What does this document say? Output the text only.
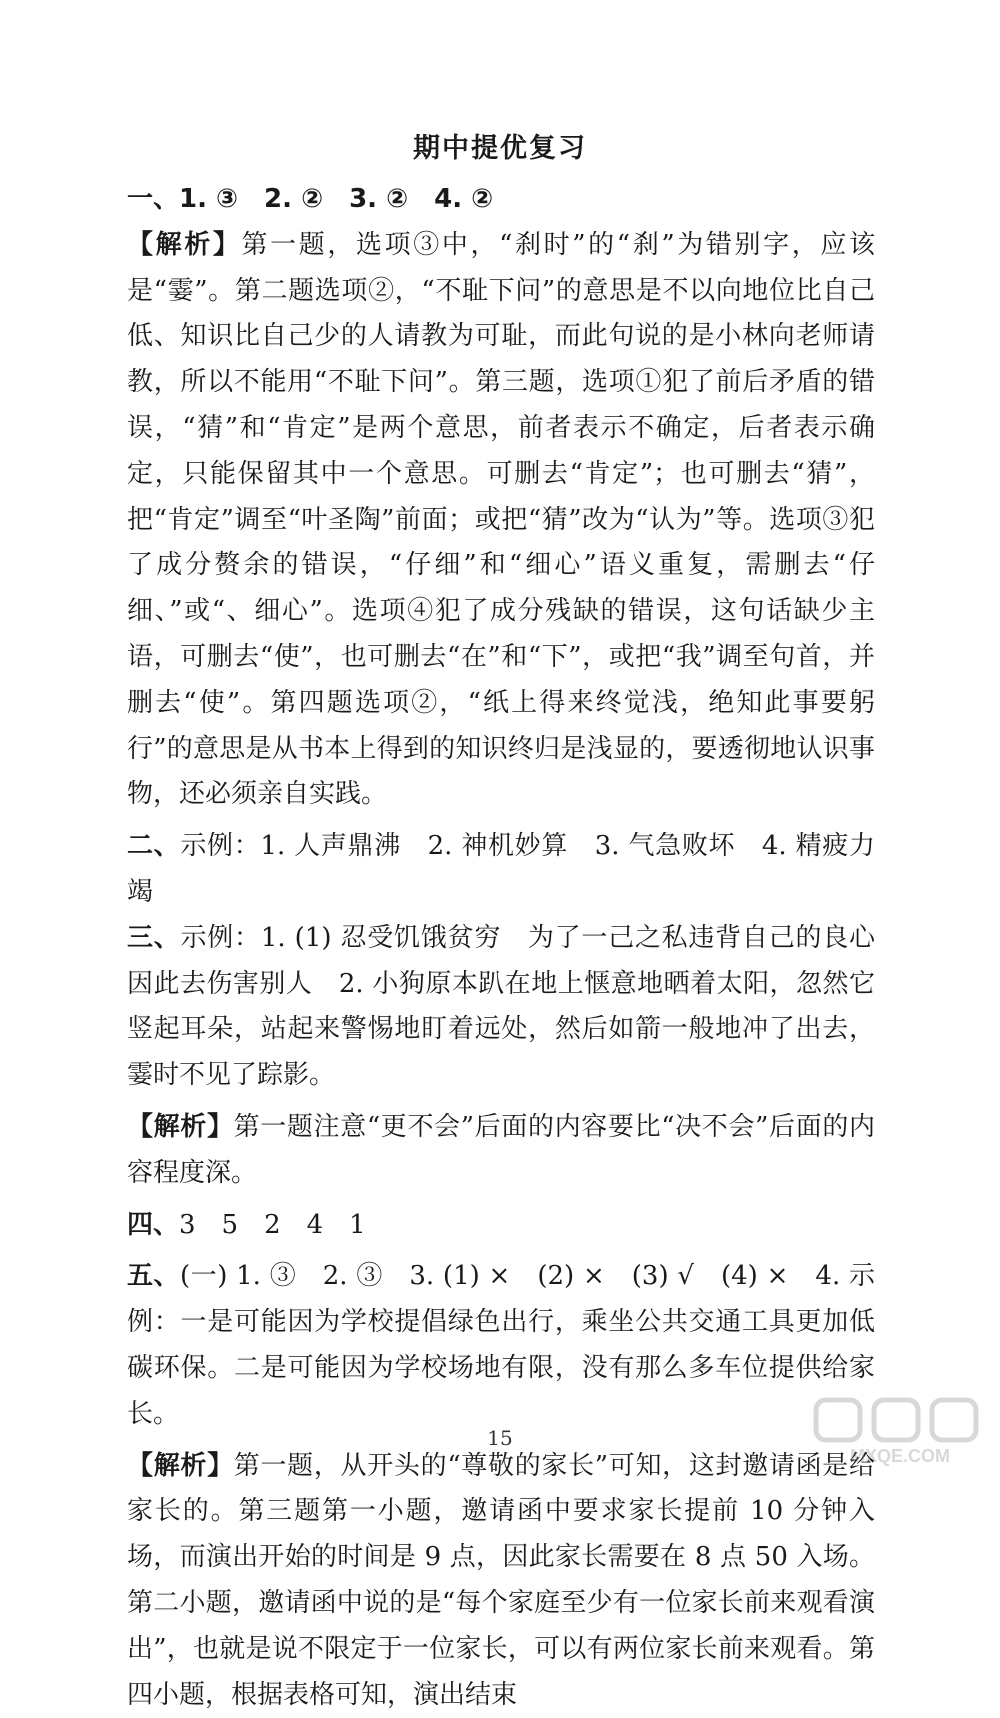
期中提优复习

一、1. ③　2. ②　3. ②　4. ②

【解析】第一题，选项③中，“刹时”的“刹”为错别字，应该是“霎”。第二题选项②，“不耻下问”的意思是不以向地位比自己低、知识比自己少的人请教为可耻，而此句说的是小林向老师请教，所以不能用“不耻下问”。第三题，选项①犯了前后矛盾的错误，“猜”和“肯定”是两个意思，前者表示不确定，后者表示确定，只能保留其中一个意思。可删去“肯定”；也可删去“猜”，把“肯定”调至“叶圣陶”前面；或把“猜”改为“认为”等。选项③犯了成分赘余的错误，“仔细”和“细心”语义重复，需删去“仔细、”或“、细心”。选项④犯了成分残缺的错误，这句话缺少主语，可删去“使”，也可删去“在”和“下”，或把“我”调至句首，并删去“使”。第四题选项②，“纸上得来终觉浅，绝知此事要躬行”的意思是从书本上得到的知识终归是浅显的，要透彻地认识事物，还必须亲自实践。

二、示例：1. 人声鼎沸　2. 神机妙算　3. 气急败坏　4. 精疲力竭

三、示例：1. (1) 忍受饥饿贫穷　为了一己之私违背自己的良心　因此去伤害别人　2. 小狗原本趴在地上惬意地晒着太阳，忽然它竖起耳朵，站起来警惕地盯着远处，然后如箭一般地冲了出去，霎时不见了踪影。

【解析】第一题注意“更不会”后面的内容要比“决不会”后面的内容程度深。

四、3　5　2　4　1

五、(一) 1. ③　2. ③　3. (1) ×　(2) ×　(3) √　(4) ×　4. 示例：一是可能因为学校提倡绿色出行，乘坐公共交通工具更加低碳环保。二是可能因为学校场地有限，没有那么多车位提供给家长。

【解析】第一题，从开头的“尊敬的家长”可知，这封邀请函是给家长的。第三题第一小题，邀请函中要求家长提前 10 分钟入场，而演出开始的时间是 9 点，因此家长需要在 8 点 50 入场。第二小题，邀请函中说的是“每个家庭至少有一位家长前来观看演出”，也就是说不限定于一位家长，可以有两位家长前来观看。第四小题，根据表格可知，演出结束

15
MXQE.COM
